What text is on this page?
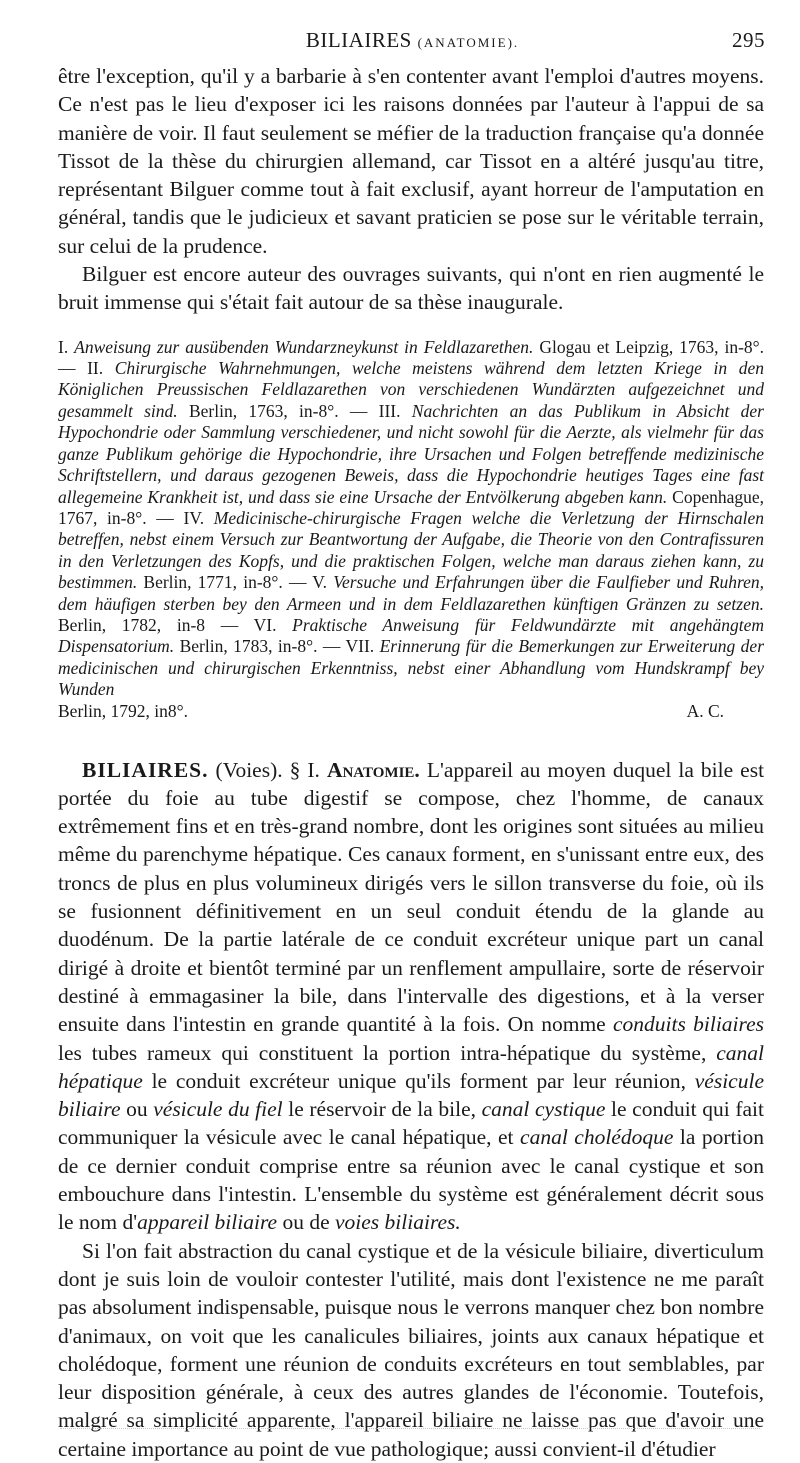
BILIAIRES (ANATOMIE).	295

être l'exception, qu'il y a barbarie à s'en contenter avant l'emploi d'autres moyens. Ce n'est pas le lieu d'exposer ici les raisons données par l'auteur à l'appui de sa manière de voir. Il faut seulement se méfier de la traduction française qu'a donnée Tissot de la thèse du chirurgien allemand, car Tissot en a altéré jusqu'au titre, représentant Bilguer comme tout à fait exclusif, ayant horreur de l'amputation en général, tandis que le judicieux et savant praticien se pose sur le véritable terrain, sur celui de la prudence.

Bilguer est encore auteur des ouvrages suivants, qui n'ont en rien augmenté le bruit immense qui s'était fait autour de sa thèse inaugurale.

I. Anweisung zur ausübenden Wundarzneykunst in Feldlazarethen. Glogau et Leipzig, 1763, in-8°. — II. Chirurgische Wahrnehmungen, welche meistens während dem letzten Kriege in den Königlichen Preussischen Feldlazarethen von verschiedenen Wundärzten aufgezeichnet und gesammelt sind. Berlin, 1763, in-8°. — III. Nachrichten an das Publikum in Absicht der Hypochondrie oder Sammlung verschiedener, und nicht sowohl für die Aerzte, als vielmehr für das ganze Publikum gehörige die Hypochondrie, ihre Ursachen und Folgen betreffende medizinische Schriftstellern, und daraus gezogenen Beweis, dass die Hypochondrie heutiges Tages eine fast allegemeine Krankheit ist, und dass sie eine Ursache der Entvölkerung abgeben kann. Copenhague, 1767, in-8°. — IV. Medicinische-chirurgische Fragen welche die Verletzung der Hirnschalen betreffen, nebst einem Versuch zur Beantwortung der Aufgabe, die Theorie von den Contrafissuren in den Verletzungen des Kopfs, und die praktischen Folgen, welche man daraus ziehen kann, zu bestimmen. Berlin, 1771, in-8°. — V. Versuche und Erfahrungen über die Faulfieber und Ruhren, dem häufigen sterben bey den Armeen und in dem Feldlazarethen künftigen Gränzen zu setzen. Berlin, 1782, in-8 — VI. Praktische Anweisung für Feldwundärzte mit angehängtem Dispensatorium. Berlin, 1783, in-8°. — VII. Erinnerung für die Bemerkungen zur Erweiterung der medicinischen und chirurgischen Erkenntniss, nebst einer Abhandlung vom Hundskrampf bey Wunden

Berlin, 1792, in8°.	A. C.

BILIAIRES. (Voies). § I. Anatomie. L'appareil au moyen duquel la bile est portée du foie au tube digestif se compose, chez l'homme, de canaux extrêmement fins et en très-grand nombre, dont les origines sont situées au milieu même du parenchyme hépatique. Ces canaux forment, en s'unissant entre eux, des troncs de plus en plus volumineux dirigés vers le sillon transverse du foie, où ils se fusionnent définitivement en un seul conduit étendu de la glande au duodénum. De la partie latérale de ce conduit excréteur unique part un canal dirigé à droite et bientôt terminé par un renflement ampullaire, sorte de réservoir destiné à emmagasiner la bile, dans l'intervalle des digestions, et à la verser ensuite dans l'intestin en grande quantité à la fois. On nomme conduits biliaires les tubes rameux qui constituent la portion intra-hépatique du système, canal hépatique le conduit excréteur unique qu'ils forment par leur réunion, vésicule biliaire ou vésicule du fiel le réservoir de la bile, canal cystique le conduit qui fait communiquer la vésicule avec le canal hépatique, et canal cholédoque la portion de ce dernier conduit comprise entre sa réunion avec le canal cystique et son embouchure dans l'intestin. L'ensemble du système est généralement décrit sous le nom d'appareil biliaire ou de voies biliaires.

Si l'on fait abstraction du canal cystique et de la vésicule biliaire, diverticulum dont je suis loin de vouloir contester l'utilité, mais dont l'existence ne me paraît pas absolument indispensable, puisque nous le verrons manquer chez bon nombre d'animaux, on voit que les canalicules biliaires, joints aux canaux hépatique et cholédoque, forment une réunion de conduits excréteurs en tout semblables, par leur disposition générale, à ceux des autres glandes de l'économie. Toutefois, malgré sa simplicité apparente, l'appareil biliaire ne laisse pas que d'avoir une certaine importance au point de vue pathologique; aussi convient-il d'étudier
